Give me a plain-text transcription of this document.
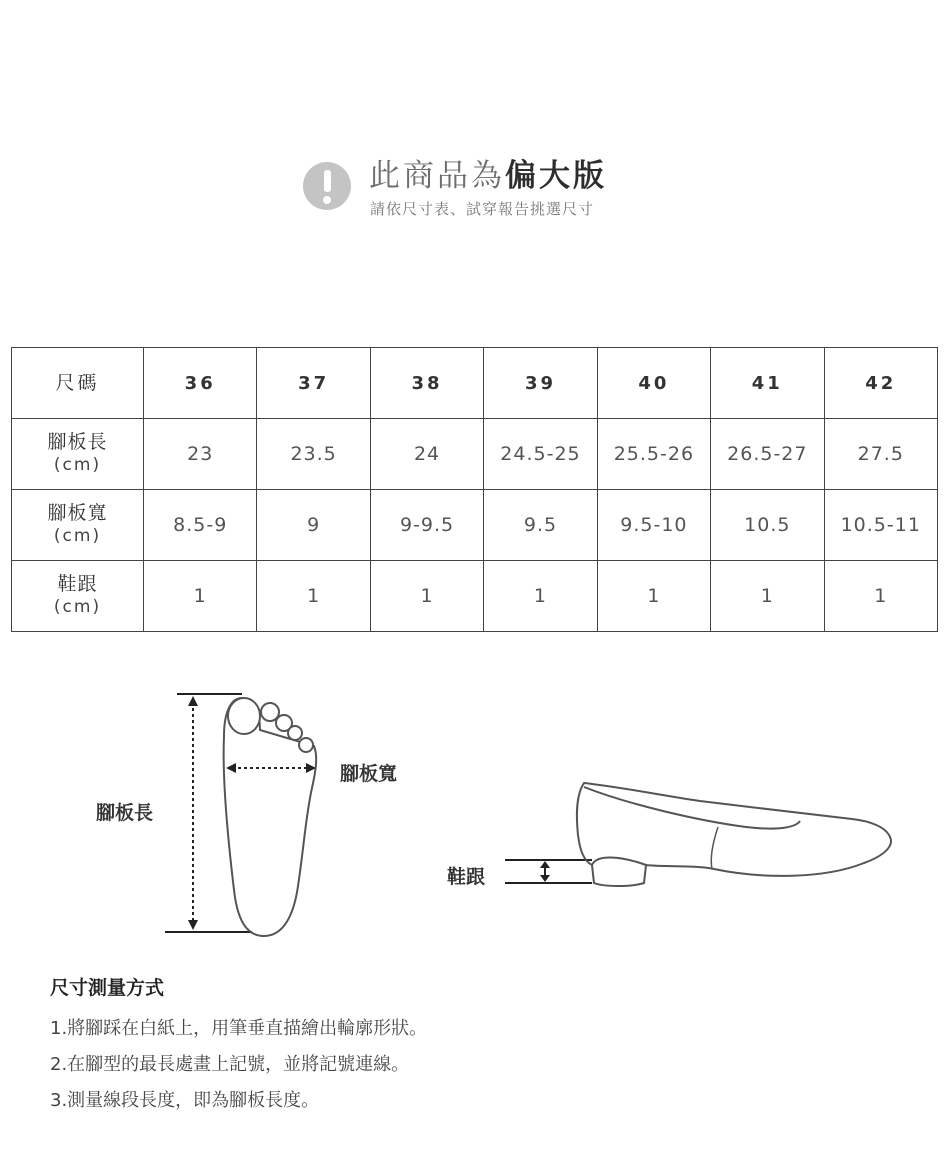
此商品為偏大版
請依尺寸表、試穿報告挑選尺寸
尺碼	36	37	38	39	40	41	42
腳板長
(cm)	23	23.5	24	24.5-25	25.5-26	26.5-27	27.5
腳板寬
(cm)	8.5-9	9	9-9.5	9.5	9.5-10	10.5	10.5-11
鞋跟
(cm)	1	1	1	1	1	1	1
腳板長
腳板寬
鞋跟
尺寸測量方式
1.將腳踩在白紙上，用筆垂直描繪出輪廓形狀。
2.在腳型的最長處畫上記號，並將記號連線。
3.測量線段長度，即為腳板長度。
